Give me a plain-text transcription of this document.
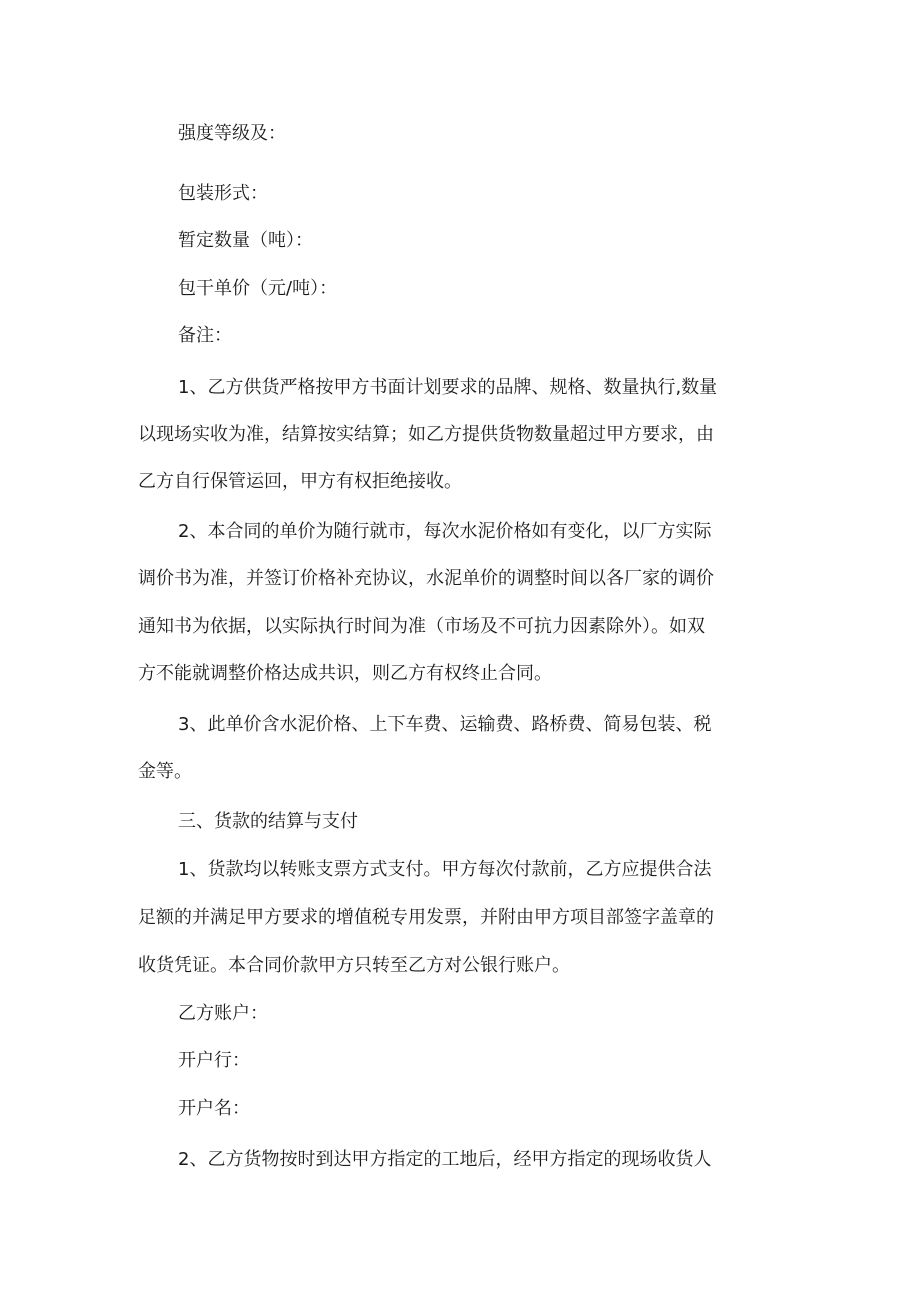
强度等级及：
包装形式：
暂定数量（吨）：
包干单价（元/吨）：
备注：
1、乙方供货严格按甲方书面计划要求的品牌、规格、数量执行,数量
以现场实收为准，结算按实结算；如乙方提供货物数量超过甲方要求，由
乙方自行保管运回，甲方有权拒绝接收。
2、本合同的单价为随行就市，每次水泥价格如有变化，以厂方实际
调价书为准，并签订价格补充协议，水泥单价的调整时间以各厂家的调价
通知书为依据，以实际执行时间为准（市场及不可抗力因素除外）。如双
方不能就调整价格达成共识，则乙方有权终止合同。
3、此单价含水泥价格、上下车费、运输费、路桥费、简易包装、税
金等。
三、货款的结算与支付
1、货款均以转账支票方式支付。甲方每次付款前，乙方应提供合法
足额的并满足甲方要求的增值税专用发票，并附由甲方项目部签字盖章的
收货凭证。本合同价款甲方只转至乙方对公银行账户。
乙方账户：
开户行：
开户名：
2、乙方货物按时到达甲方指定的工地后，经甲方指定的现场收货人
